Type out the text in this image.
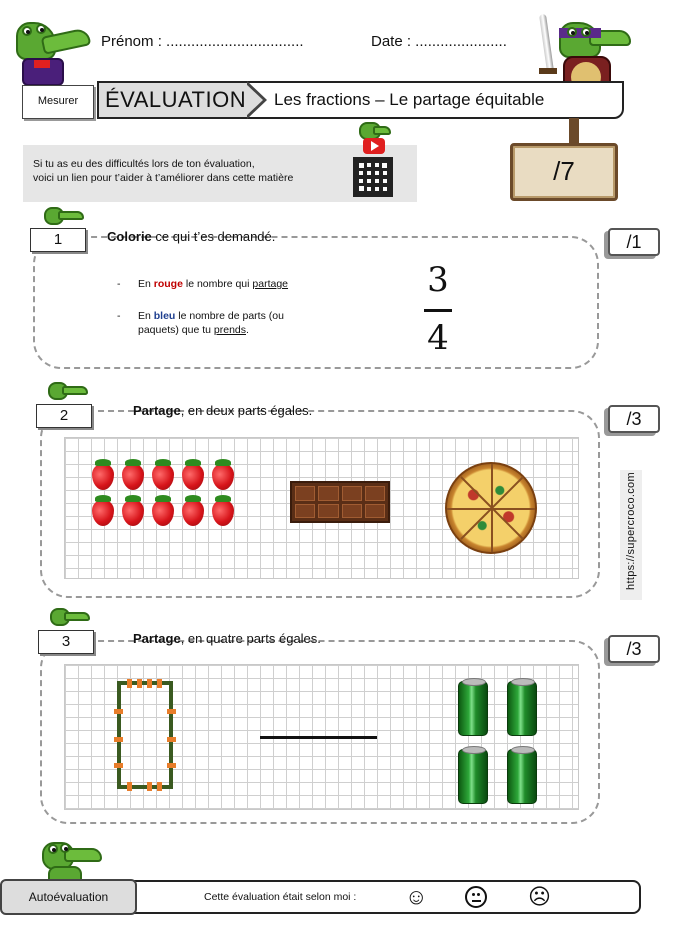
Prénom : .................................	Date : ......................
Mesurer	ÉVALUATION Les fractions – Le partage équitable

Si tu as eu des difficultés lors de ton évaluation,

voici un lien pour t’aider à t’améliorer dans cette matière	/7
1	Colorie ce qui t’es demandé.	/1
- En rouge le nombre qui partage
- En bleu le nombre de parts (ou paquets) que tu prends.
3
4
2	Partage, en deux parts égales.	/3
https://supercroco.com
3	Partage, en quatre parts égales.
/3
Autoévaluation	Cette évaluation était selon moi : ☺	☹
